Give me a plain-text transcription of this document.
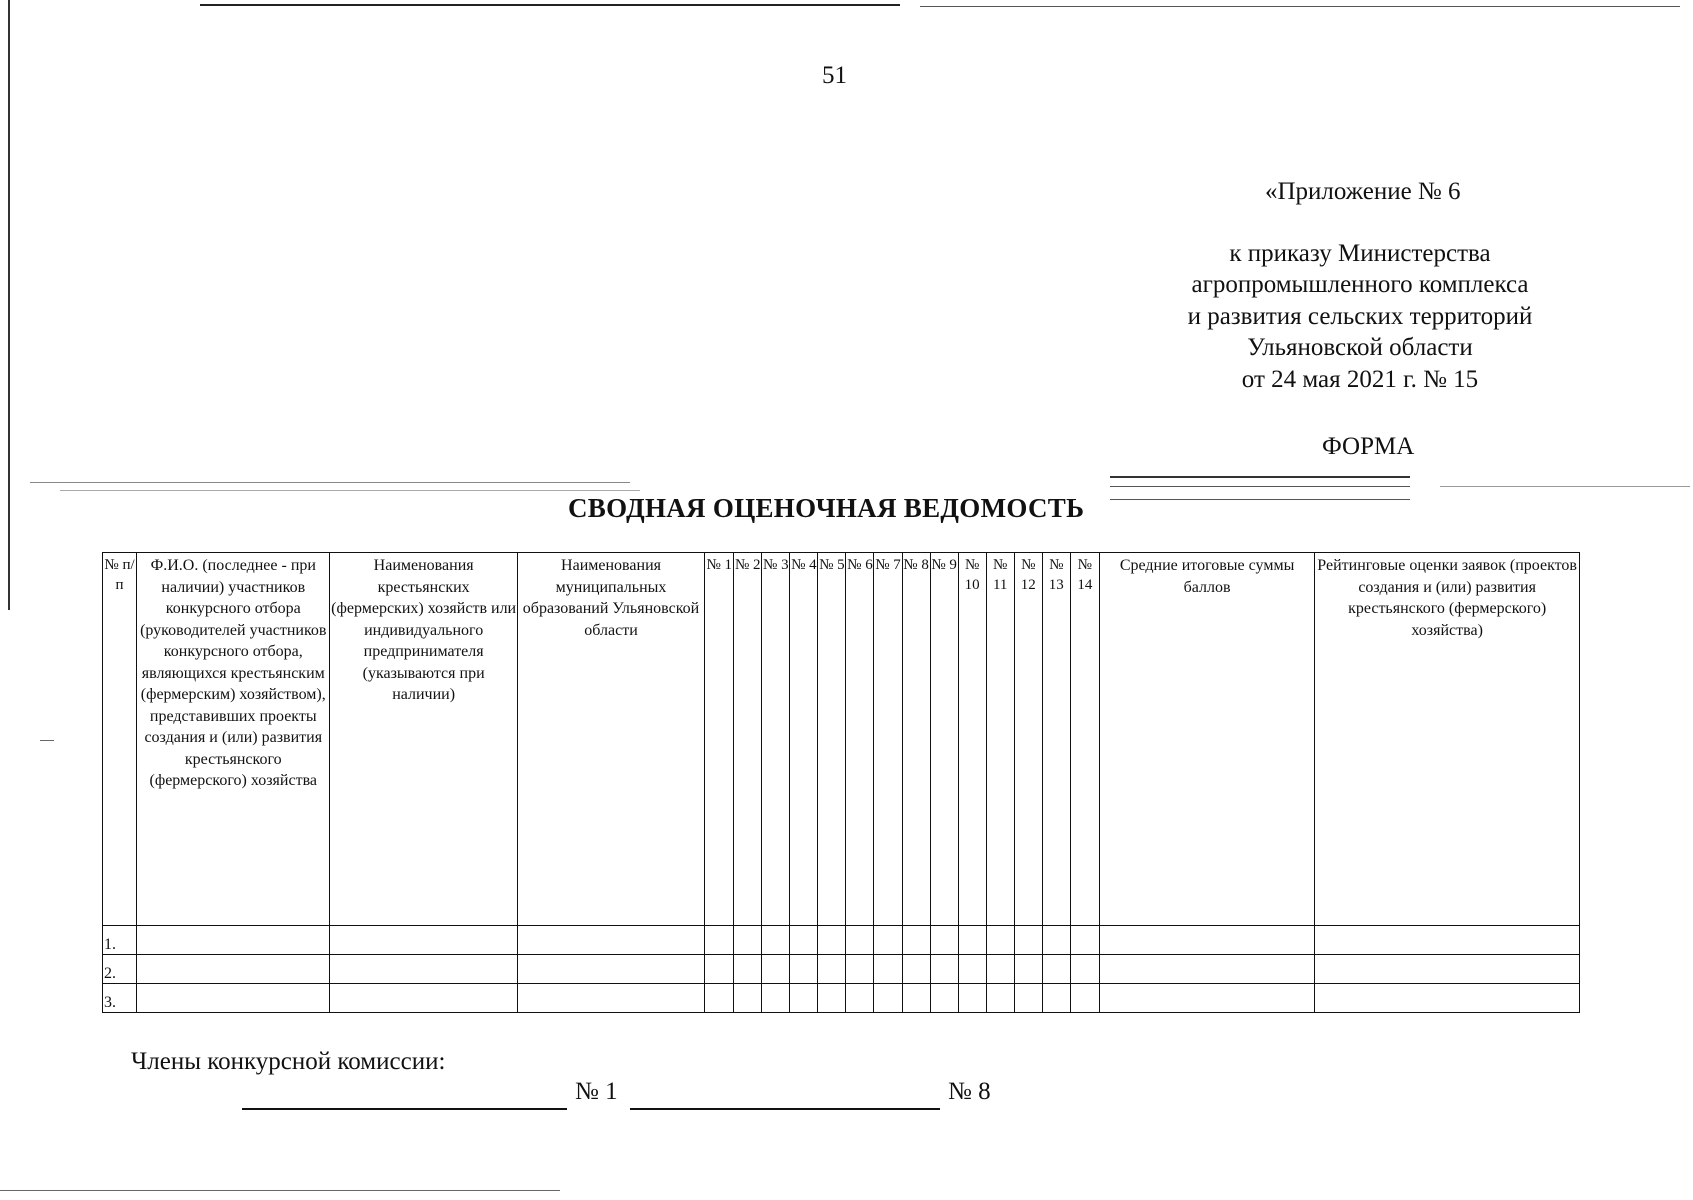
51
«Приложение № 6
к приказу Министерства
агропромышленного комплекса
и развития сельских территорий
Ульяновской области
от 24 мая 2021 г. № 15
ФОРМА
СВОДНАЯ ОЦЕНОЧНАЯ ВЕДОМОСТЬ
№ п/п	Ф.И.О. (последнее - при наличии) участников конкурсного отбора (руководителей участников конкурсного отбора, являющихся крестьянским (фермерским) хозяйством), представивших проекты создания и (или) развития крестьянского (фермерского) хозяйства	Наименования крестьянских (фермерских) хозяйств или индивидуального предпринимателя (указываются при наличии)	Наименования муниципальных образований Ульяновской области	№ 1	№ 2	№ 3	№ 4	№ 5	№ 6	№ 7	№ 8	№ 9	№ 10	№ 11	№ 12	№ 13	№ 14	Средние итоговые суммы баллов	Рейтинговые оценки заявок (проектов создания и (или) развития крестьянского (фермерского) хозяйства)
1.																			
2.																			
3.																			
Члены конкурсной комиссии:
№ 1	№ 8
